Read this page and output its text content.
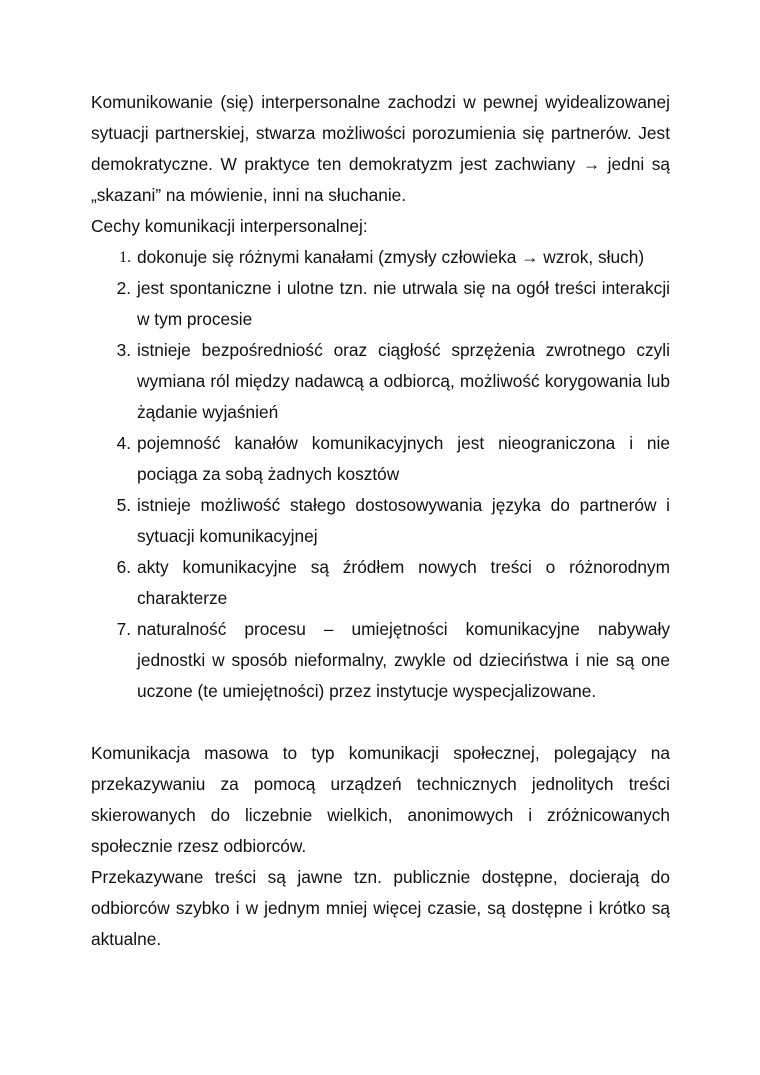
Komunikowanie (się) interpersonalne zachodzi w pewnej wyidealizowanej sytuacji partnerskiej, stwarza możliwości porozumienia się partnerów. Jest demokratyczne. W praktyce ten demokratyzm jest zachwiany → jedni są „skazani” na mówienie, inni na słuchanie.

Cechy komunikacji interpersonalnej:

1. dokonuje się różnymi kanałami (zmysły człowieka → wzrok, słuch)
2. jest spontaniczne i ulotne tzn. nie utrwala się na ogół treści interakcji w tym procesie
3. istnieje bezpośredniość oraz ciągłość sprzężenia zwrotnego czyli wymiana ról między nadawcą a odbiorcą, możliwość korygowania lub żądanie wyjaśnień
4. pojemność kanałów komunikacyjnych jest nieograniczona i nie pociąga za sobą żadnych kosztów
5. istnieje możliwość stałego dostosowywania języka do partnerów i sytuacji komunikacyjnej
6. akty komunikacyjne są źródłem nowych treści o różnorodnym charakterze
7. naturalność procesu – umiejętności komunikacyjne nabywały jednostki w sposób nieformalny, zwykle od dzieciństwa i nie są one uczone (te umiejętności) przez instytucje wyspecjalizowane.

Komunikacja masowa to typ komunikacji społecznej, polegający na przekazywaniu za pomocą urządzeń technicznych jednolitych treści skierowanych do liczebnie wielkich, anonimowych i zróżnicowanych społecznie rzesz odbiorców.

Przekazywane treści są jawne tzn. publicznie dostępne, docierają do odbiorców szybko i w jednym mniej więcej czasie, są dostępne i krótko są aktualne.
